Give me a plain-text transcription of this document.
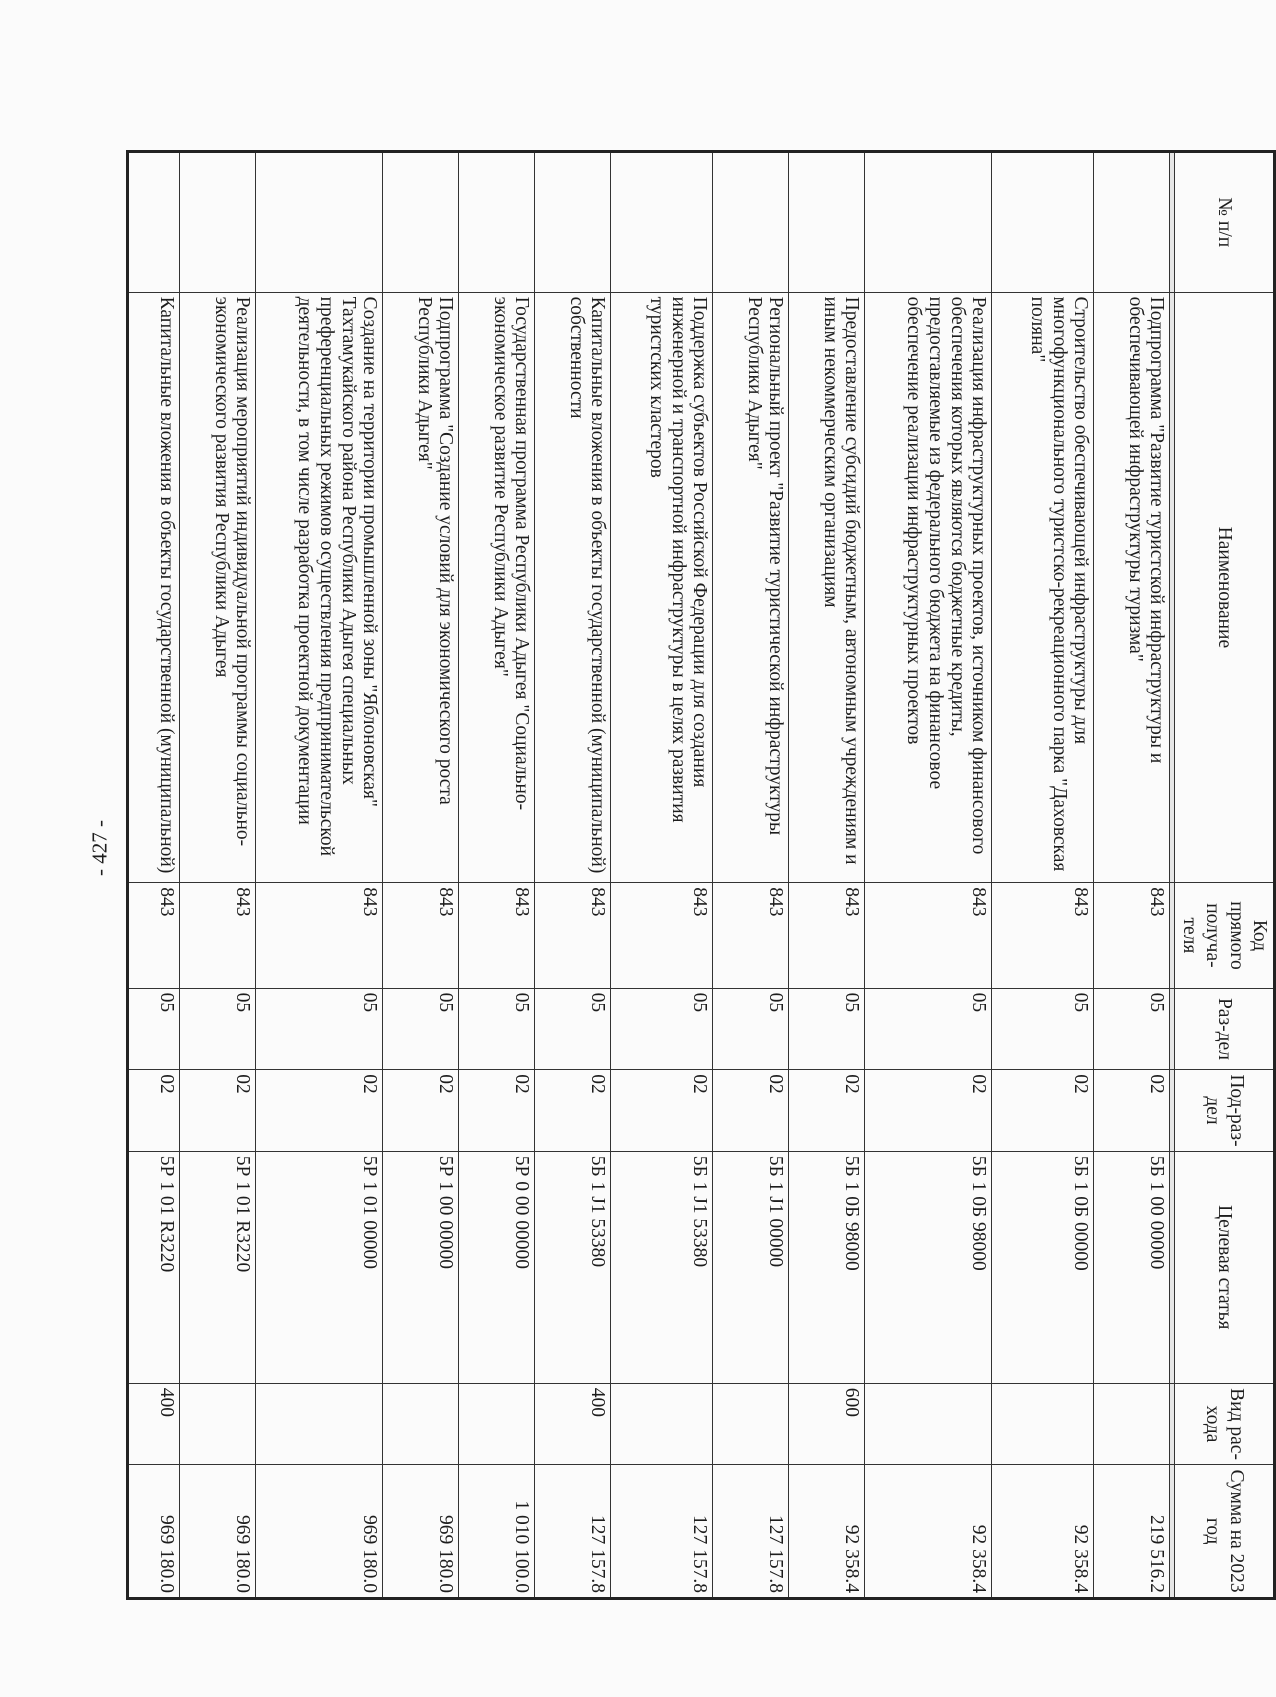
- 427 -
№ п/п	Наименование	Код прямого получа-теля	Раз-дел	Под-раз-дел	Целевая статья	Вид рас-хода	Сумма на 2023 год

	Подпрограмма "Развитие туристской инфраструктуры и обеспечивающей инфраструктуры туризма"	843	05	02	5Б 1 00 00000		219 516.2
	Строительство обеспечивающей инфраструктуры для многофункционального туристско-рекреационного парка "Даховская поляна"	843	05	02	5Б 1 0Б 00000		92 358.4
	Реализация инфраструктурных проектов, источником финансового обеспечения которых являются бюджетные кредиты, предоставляемые из федерального бюджета на финансовое обеспечение реализации инфраструктурных проектов	843	05	02	5Б 1 0Б 98000		92 358.4
	Предоставление субсидий бюджетным, автономным учреждениям и иным некоммерческим организациям	843	05	02	5Б 1 0Б 98000	600	92 358.4
	Региональный проект "Развитие туристической инфраструктуры Республики Адыгея"	843	05	02	5Б 1 J1 00000		127 157.8
	Поддержка субъектов Российской Федерации для создания инженерной и транспортной инфраструктуры в целях развития туристских кластеров	843	05	02	5Б 1 J1 53380		127 157.8
	Капитальные вложения в объекты государственной (муниципальной) собственности	843	05	02	5Б 1 J1 53380	400	127 157.8
	Государственная программа Республики Адыгея "Социально-экономическое развитие Республики Адыгея"	843	05	02	5Р 0 00 00000		1 010 100.0
	Подпрограмма "Создание условий для экономического роста Республики Адыгея"	843	05	02	5Р 1 00 00000		969 180.0
	Создание на территории промышленной зоны "Яблоновская" Тахтамукайского района Республики Адыгея специальных преференциальных режимов осуществления предпринимательской деятельности, в том числе разработка проектной документации	843	05	02	5Р 1 01 00000		969 180.0
	Реализация мероприятий индивидуальной программы социально-экономического развития Республики Адыгея	843	05	02	5Р 1 01 R3220		969 180.0
	Капитальные вложения в объекты государственной (муниципальной)	843	05	02	5Р 1 01 R3220	400	969 180.0
